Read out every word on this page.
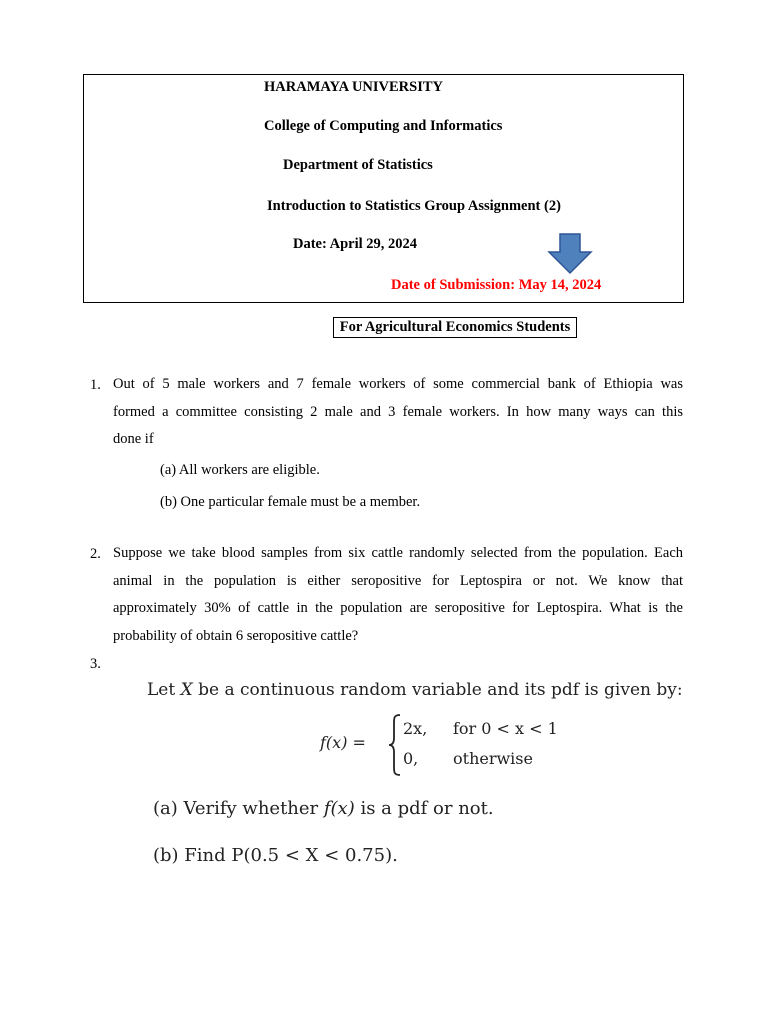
HARAMAYA UNIVERSITY
College of Computing and Informatics
Department of Statistics
Introduction to Statistics Group Assignment (2)
Date: April 29, 2024
Date of Submission: May 14, 2024
For Agricultural Economics Students
1. Out of 5 male workers and 7 female workers of some commercial bank of Ethiopia was
formed a committee consisting 2 male and 3 female workers. In how many ways can this
done if
(a) All workers are eligible.
(b) One particular female must be a member.
2. Suppose we take blood samples from six cattle randomly selected from the population. Each
animal in the population is either seropositive for Leptospira or not. We know that
approximately 30% of cattle in the population are seropositive for Leptospira. What is the
probability of obtain 6 seropositive cattle?
3.
Let X be a continuous random variable and its pdf is given by:
f(x) =
2x, for 0 < x < 1
0, otherwise
(a) Verify whether f(x) is a pdf or not.
(b) Find P(0.5 < X < 0.75).
